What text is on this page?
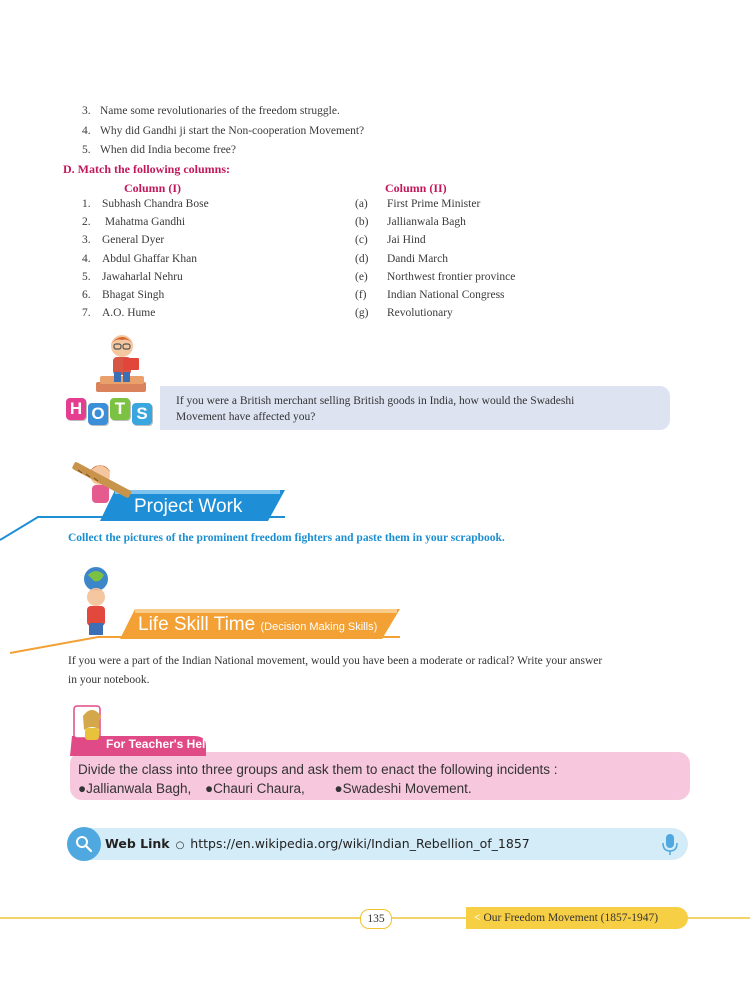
3. Name some revolutionaries of the freedom struggle.
4. Why did Gandhi ji start the Non-cooperation Movement?
5. When did India become free?
D. Match the following columns:
Column (I)	Column (II)
1. Subhash Chandra Bose
2. Mahatma Gandhi
3. General Dyer
4. Abdul Ghaffar Khan
5. Jawaharlal Nehru
6. Bhagat Singh
7. A.O. Hume
(a) First Prime Minister
(b) Jallianwala Bagh
(c) Jai Hind
(d) Dandi March
(e) Northwest frontier province
(f) Indian National Congress
(g) Revolutionary
If you were a British merchant selling British goods in India, how would the Swadeshi
Movement have affected you?
H O T S
Project Work
Collect the pictures of the prominent freedom fighters and paste them in your scrapbook.
Life Skill Time (Decision Making Skills)
If you were a part of the Indian National movement, would you have been a moderate or radical? Write your answer
in your notebook.
For Teacher's Help
Divide the class into three groups and ask them to enact the following incidents :
●Jallianwala Bagh, ●Chauri Chaura, ●Swadeshi Movement.
Web Link ○ https://en.wikipedia.org/wiki/Indian_Rebellion_of_1857
135	< Our Freedom Movement (1857-1947)
